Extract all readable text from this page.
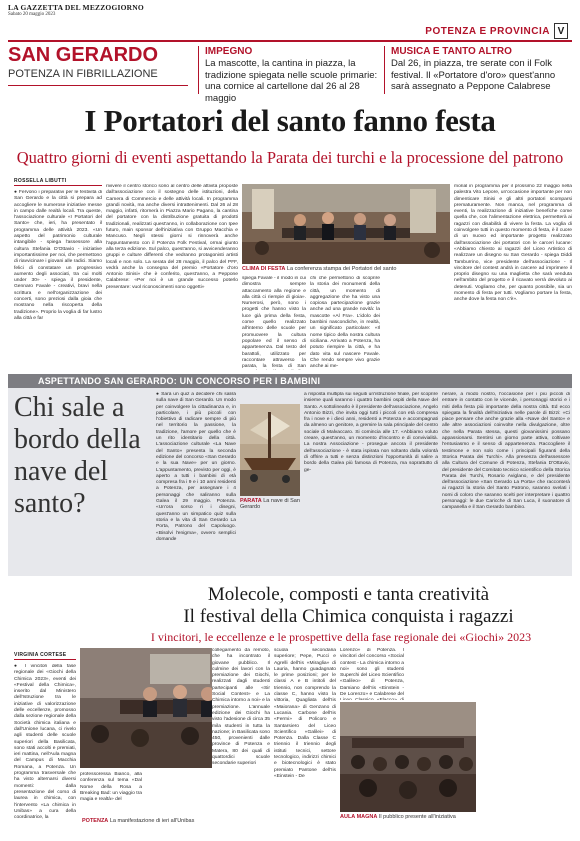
LA GAZZETTA DEL MEZZOGIORNO
Sabato 20 maggio 2023
POTENZA E PROVINCIA V
SAN GERARDO
POTENZA IN FIBRILLAZIONE
IMPEGNO
La mascotte, la cantina in piazza, la tradizione spiegata nelle scuole primarie: una cornice al cartellone dal 26 al 28 maggio
MUSICA E TANTO ALTRO
Dal 26, in piazza, tre serate con il Folk festival. Il «Portatore d'oro» quest'anno sarà assegnato a Peppone Calabrese
I Portatori del santo fanno festa
Quattro giorni di eventi aspettando la Parata dei turchi e la processione del patrono
ROSSELLA LIBUTTI
● Fervono i preparativi per le festività di San Gerardo e la città si prepara ad accogliere le numerose iniziative messe in campo dalle realtà locali. Tra queste, l'associazione culturale «I Portatori del Santo» che, ieri, ha presentato il programma delle attività 2023. «Un aspetto del patrimonio culturale intangibile - spiega l'assessore alla cultura Stefania D'Ottavio - iniziative importantissime per noi, che permettono di riavvicinare i giovani alle radici. Siamo felici di constatare un progressivo aumento degli associati, tra cui molti under 30» - spiega il presidente, Gennaro Favale - creativi, bravi nella scrittura e nell'organizzazione dei concerti, sono preziosi dalla gioia che mostrano nella riscoperta della tradizione». Proprio la voglia di far lustro alla città e far
rivivere il centro storico sono al centro delle attività proposte dall'associazione con il sostegno delle istituzioni, della Camera di Commercio e delle attività locali. In programma grandi novità, ma anche diversi intrattenimenti. Dal 26 al 28 maggio, infatti, ritornerà in Piazza Mario Pagano, la cantina del portatore con la distribuzione gratuita di prodotti tradizionali, realizzati quest'anno, in collaborazione con Ipee futuro, main sponsor dell'iniziativa con Gruppo Macchia e Mancuso. Negli stessi giorni si rinnoverà anche l'appuntamento con il Potenza Folk Festival, ormai giunto alla terza edizione. Sul palco, quest'anno, si avvicenderanno gruppi e culture differenti che vedranno protagonisti artisti locali e non solo. La serata del 28 maggio, il palco del PFF, vedrà anche la consegna del premio «Portatore d'oro Antonio Sinisi» che è conferito, quest'anno, a Peppone Calabrese: «Per noi è un grande successo poterlo presentare: vuol riconoscimenti sono oggetti»
CLIMA DI FESTA La conferenza stampa dei Portatori del santo
spiega Favale - il modo in cui dimostra sempre attaccamento alla regione e alla città ci riempie di gioia». Numerosi, però, sono i progetti che hanno visto la luce già prima della festa, come quello realizzato all'interno delle scuole per promuovere la cultura popolare ed il senso di appartenenza. Dal testo del barattoli, utilizzato per raccontare attraverso la parata, la festa di San
chi che permettono di scoprire la storia dei monumenti della città, un momento di aggregazione che ha visto una copiosa partecipazione grazie anche ad una grande novità: la mascotte «Al Fra». L'idolo dei bambini nascondiche, in realtà, un significato particolare: «Il nome tipico della nostra cultura siciliana. Arrivato a Potenza, ha potuto riempire la città, e ha dato vita sul nascere Favale. Che rendo sempre vivo grazie anche ai me-
morial in programma per il prossimo 22 maggio nella palestra Vito Lepore, un'occasione importante per non dimenticare Sinisi e gli altri portatori scomparsi prematuramente. Non manca, nel programma di eventi, la realizzazione di iniziative benefiche come quella che, con l'alimentazione elettrica, permetterà ai ragazzi con disabilità di vivere la festa. La voglia di coinvolgere tutti in questo momento di festa, è il cuore di un nuovo ed importante progetto realizzato dall'associazione dei portatori con le carceri lucane: «Abbiamo chiesto ai ragazzi del Liceo Artistico di realizzare un disegno su San Gerardo - spiega Diddi Tamburrino, vice presidente dell'associazione - Il vincitore del contest andrà in carcere ad imprimere il proprio disegno su una maglietta che sarà venduta nell'ambito del progetto e il ricavato verrà devoluto ai detenuti. Vogliamo che, per quanto possibile, sia un momento di festa per tutti. Vogliamo portare la festa, anche dove la festa non c'è».
ASPETTANDO SAN GERARDO: UN CONCORSO PER I BAMBINI
Chi sale a bordo della nave del santo?
● Sarà un quiz a decidere chi salirà sulla nave di San Gerardo. Un modo per coinvolgere la cittadinanza e, in particolare, i più piccoli con l'obiettivo di radicare sempre di più nel territorio la passione, la tradizione, l'amore per quello che è un rito identitario della città. L'associazione culturale «La Nave del Santo» presenta la seconda edizione del concorso «San Gerardo e la sua Nave» per un giorno. L'appuntamento, previsto per oggi, è aperto a tutti i bambini di età compresa fra i 9 e i 10 anni residenti a Potenza, per assegnare i 4 personaggi che saliranno sulla Galea il 29 maggio. Potenza. «Un'ora sorso ri i disegni, quest'anno un simpatico quiz sulla storia e la vita di San Gerardo La Porta, Patrono del Capoluogo. «Bisolvi l'enigma», ovvero semplici domande
PARATA La nave di San Gerardo
a risposta multipla sui seguiti un'istruzione finale, per scoprire insieme quali saranno i quattro bambini ospiti della Nave del Santo. A sottolinearlo è il presidente dell'associazione, Angelo Antonio Bizzi, che invita oggi tutti i piccoli con età compresa fra i nove e i dieci anni, residenti a Potenza e accompagnati da almeno un genitore, a gremire la sala principale del centro sociale di Malvaccaro. Si comincia alle 17. «Abbiamo voluto creare, quest'anno, un momento d'incontro e di convivialità. La nostra Associazione - prosegue ancora il presidente dell'associazione - è stata ispirata non soltanto dalla volontà di offrire a tutti e senza distinzioni l'opportunità di salire a bordo della Galea più famosa di Potenza, ma soprattutto di ge-
nerare, a modo nostro, l'occasione per i più piccoli di entrare in contatto con le vicende, i personaggi storici e i miti della festa più importante della nostra città. Ed ecco spiegata la finalità dell'iniziativa nelle parole di Bizzi: «Ci piace pensare che anche grazie alla «Nave del Santo» e alle altre associazioni coinvolte nella divulgazione, oltre che nella Parata stessa, questi giovanissimi possano appassionarsi. Sentirsi un giorno parte attiva, coltivare l'entusiasmo e il senso di appartenenza. Raccogliere il testimone e non solo come i principali figuranti della Storica Parata dei Turchi». Alla presenza dell'assessore alla Cultura del Comune di Potenza, Stefania D'Ottavio, del presidente del Comitato tecnico scientifico della Storica Parata dei Turchi, Rosario Aviglano, e del presidente dell'associazione «San Gerardo La Porta» che racconterà ai ragazzi la storia del Santo Patrono, saranno svelati i nomi di coloro che saranno scelti per interpretare i quattro personaggi: le due Caricche di San Luca, il suonatore di campanella e il San Gerardo bambino.
Molecole, composti e tanta creatività
Il festival della Chimica conquista i ragazzi
I vincitori, le eccellenze e le prospettive della fase regionale dei «Giochi» 2023
VIRGINIA CORTESE
● I vincitori della fase regionale dei «Giochi della Chimica 2023», eventi dei «Festival della Chimica», inserito dal Ministero dell'Istruzione tra le iniziative di valorizzazione delle eccellenze, promosso dalla sezione regionale della Società chimica italiana e dall'Unione lucana, ci rivelo agli studenti delle scuole superiori della Basilicata, sono stati accolti e premiati, ieri mattina, nell'Aula magna del Campus di Macchia Romana, a Potenza. Un programma trasversale che ha visto alternarsi diversi momenti: dalla presentazione del corso di laurea in chimica, con l'intervento «La chimica in Unibas» a cura della coordinatrice, la
POTENZA La manifestazione di ieri all'Unibas
professoressa Bianco, alla conferenza sul tema «Dal Nome della Rosa a Breaking Bad: un viaggio tra magia e realtà» del
collegamento da remoto, che ha incontrato il giovane pubblico. Il culmine dei lavori con la premiazione dei Giochi, realizzati dagli studenti partecipanti alle «Sir Social Contest» e La Chimica intorno a noi» e la premiazione. L'annuale edizione dei Giochi ha visto l'adesione di circa 35 mila studenti in tutta la nazione; in Basilicata sono 450, provenienti dalle province di Potenza e Matera, 80 dei quali di quattordici scuole secondarie superiori
scuola secondaria superiore; Pepe, Pucci e Agrelli dell'Iis «Miraglia» di Lauria, hanno guadagnato le prime posizioni; per le classi A e B intitoli del triennio, non comprendo la classe C, hanno visto la vittoria, Quagliata dell'Iis «Maiorana» di Genzano di Lucania. Carbone dell'Iis «Fermi» di Policoro e Santarsiero del Liceo Scientifico «Galilei» di Potenza. Dalla Classe C triennio il triennio degli istituti tecnici, settore tecnologico, indirizzi chimici e biotecnologici è stato premiato Pantone dell'Iis «Einstein - De
Lorenzo» di Potenza. I vincitori del concorso «Social contest - La chimica intorno a noi» sono gli studenti Superchi del Liceo Scientifico «Galileo» di Potenza, Damiano dell'Iis «Einstein - De Lorenzo» e Calabrese del
AULA MAGNA Il pubblico presente all'iniziativa
